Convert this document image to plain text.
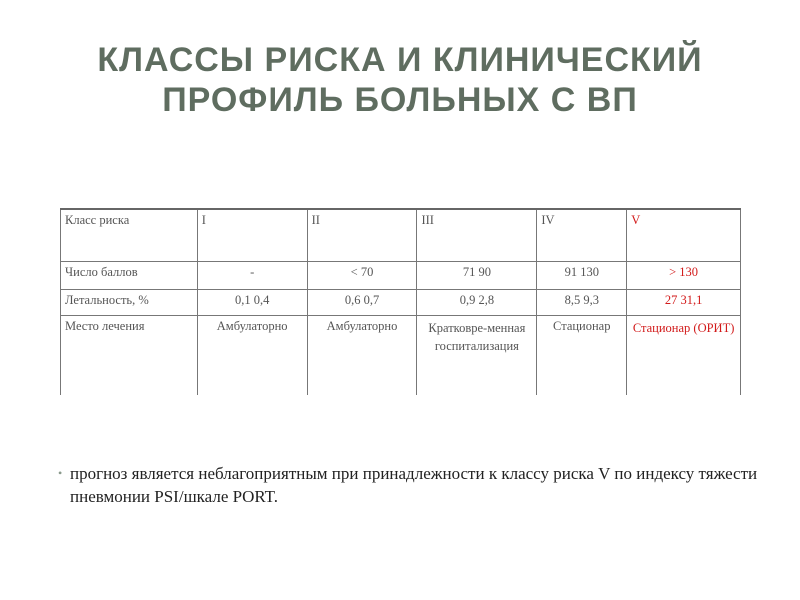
КЛАССЫ РИСКА И КЛИНИЧЕСКИЙ
ПРОФИЛЬ БОЛЬНЫХ С ВП
Класс риска	I	II	III	IV	V
Число баллов	-	< 70	71 90	91 130	> 130
Летальность, %	0,1 0,4	0,6 0,7	0,9 2,8	8,5 9,3	27 31,1
Место лечения	Амбулаторно	Амбулаторно	Кратковре-менная госпитализация	Стационар	Стационар (ОРИТ)
• прогноз является неблагоприятным при принадлежности к классу риска V по индексу тяжести пневмонии PSI/шкале PORT.
